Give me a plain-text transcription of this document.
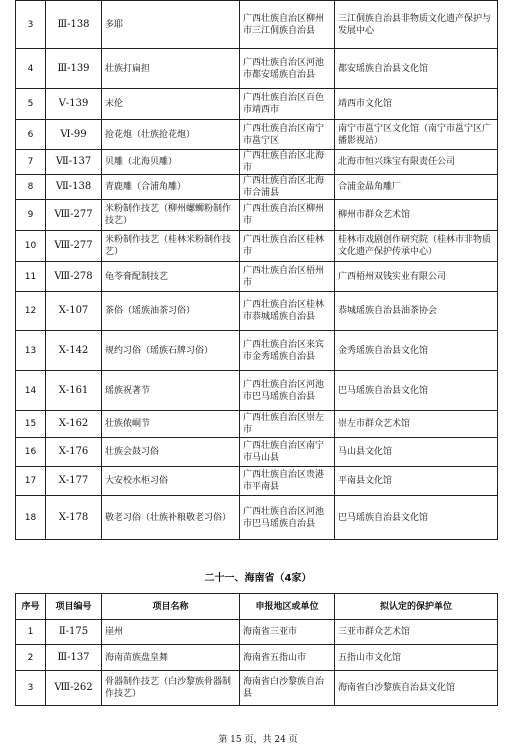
3	Ⅲ-138	多耶	广西壮族自治区柳州市三江侗族自治县	三江侗族自治县非物质文化遗产保护与发展中心
4	Ⅲ-139	壮族打扁担	广西壮族自治区河池市都安瑶族自治县	都安瑶族自治县文化馆
5	Ⅴ-139	末伦	广西壮族自治区百色市靖西市	靖西市文化馆
6	Ⅵ-99	抢花炮（壮族抢花炮）	广西壮族自治区南宁市邕宁区	南宁市邕宁区文化馆（南宁市邕宁区广播影视站）
7	Ⅶ-137	贝雕（北海贝雕）	广西壮族自治区北海市	北海市恒兴珠宝有限责任公司
8	Ⅶ-138	青鹿雕（合浦角雕）	广西壮族自治区北海市合浦县	合浦金晶角雕厂
9	Ⅷ-277	米粉制作技艺（柳州螺蛳粉制作技艺）	广西壮族自治区柳州市	柳州市群众艺术馆
10	Ⅷ-277	米粉制作技艺（桂林米粉制作技艺）	广西壮族自治区桂林市	桂林市戏剧创作研究院（桂林市非物质文化遗产保护传承中心）
11	Ⅷ-278	龟苓膏配制技艺	广西壮族自治区梧州市	广西梧州双钱实业有限公司
12	Ⅹ-107	茶俗（瑶族油茶习俗）	广西壮族自治区桂林市恭城瑶族自治县	恭城瑶族自治县油茶协会
13	Ⅹ-142	规约习俗（瑶族石牌习俗）	广西壮族自治区来宾市金秀瑶族自治县	金秀瑶族自治县文化馆
14	Ⅹ-161	瑶族祝著节	广西壮族自治区河池市巴马瑶族自治县	巴马瑶族自治县文化馆
15	Ⅹ-162	壮族侬峒节	广西壮族自治区崇左市	崇左市群众艺术馆
16	Ⅹ-176	壮族会鼓习俗	广西壮族自治区南宁市马山县	马山县文化馆
17	Ⅹ-177	大安校水柜习俗	广西壮族自治区贵港市平南县	平南县文化馆
18	Ⅹ-178	敬老习俗（壮族补粮敬老习俗）	广西壮族自治区河池市巴马瑶族自治县	巴马瑶族自治县文化馆
二十一、海南省（4家）
序号	项目编号	项目名称	申报地区或单位	拟认定的保护单位
1	Ⅱ-175	崖州	海南省三亚市	三亚市群众艺术馆
2	Ⅲ-137	海南苗族盘皇舞	海南省五指山市	五指山市文化馆
3	Ⅷ-262	骨器制作技艺（白沙黎族骨器制作技艺）	海南省白沙黎族自治县	海南省白沙黎族自治县文化馆
第 15 页，共 24 页
